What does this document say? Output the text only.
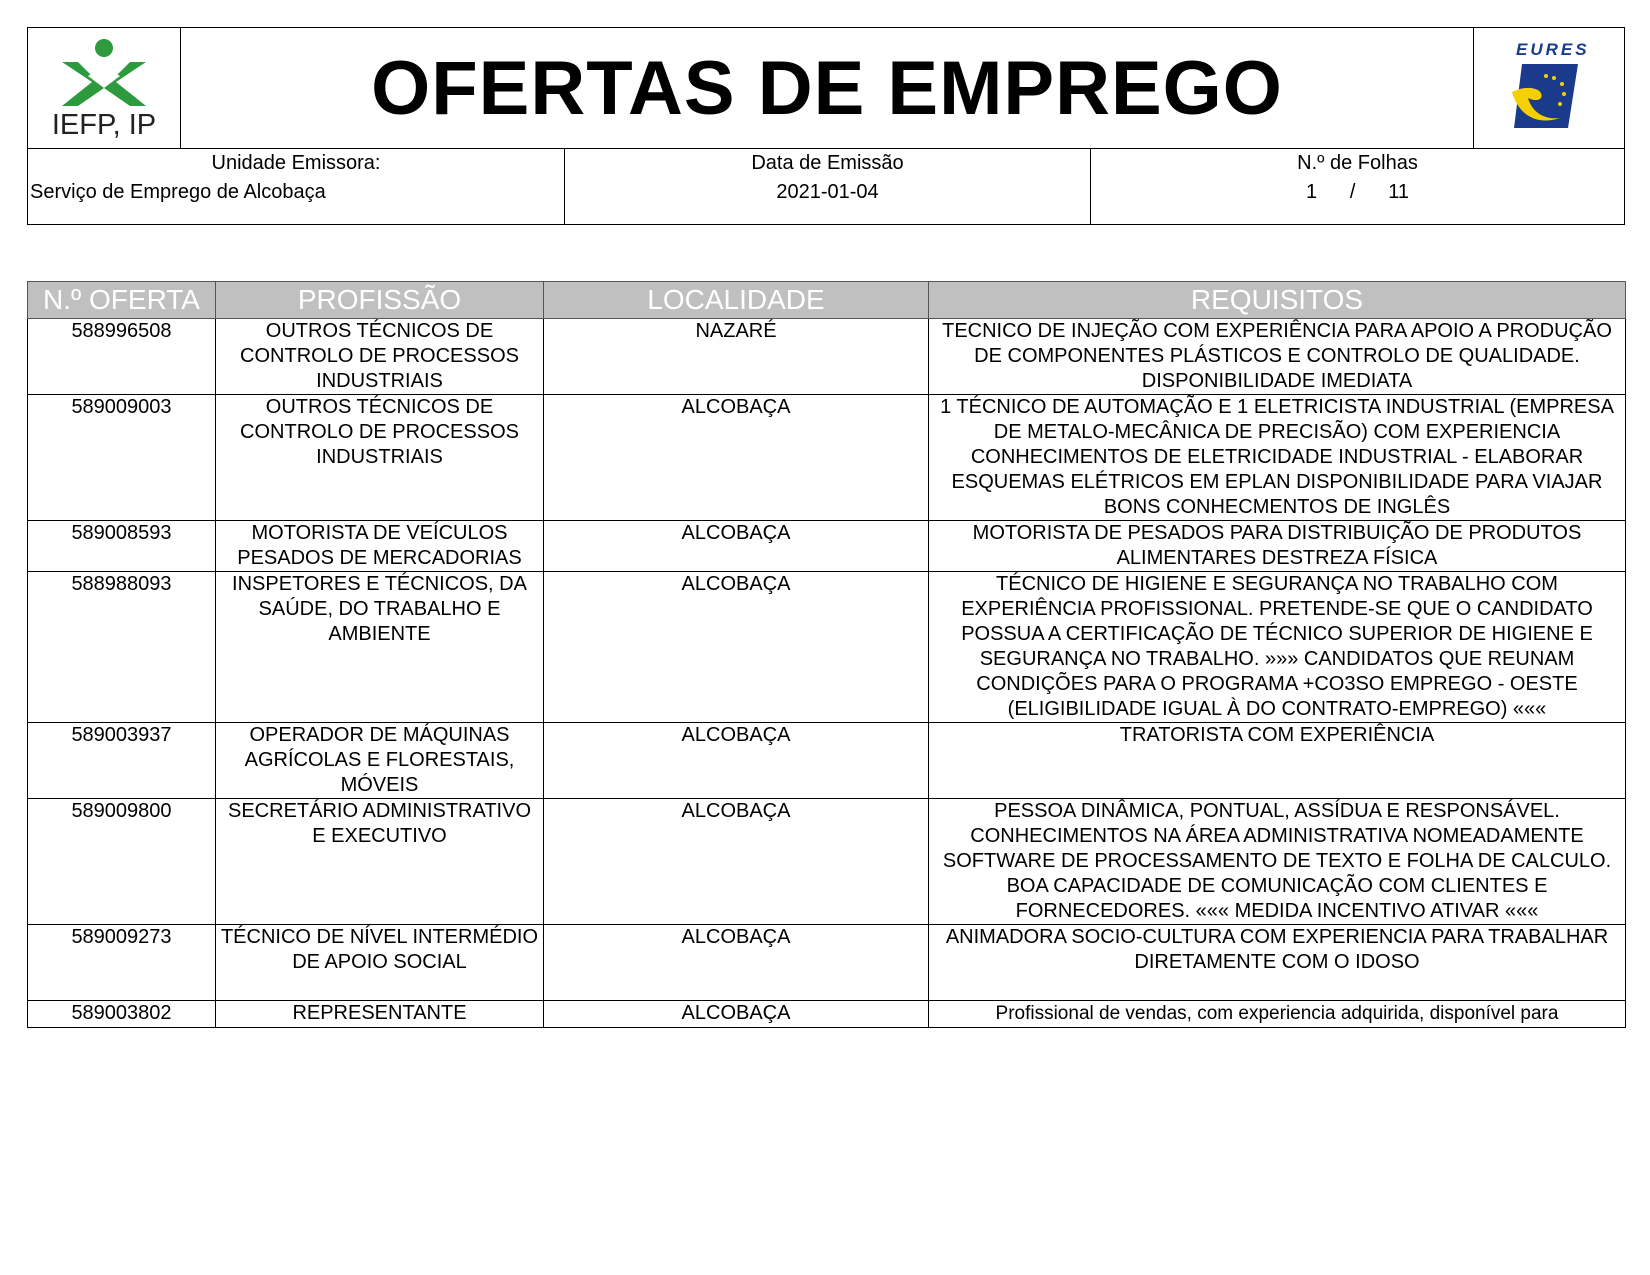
IEFP, IP	OFERTAS DE EMPREGO	EURES
Unidade Emissora:
Serviço de Emprego de Alcobaça
Data de Emissão
2021-01-04
N.º de Folhas
1 / 11
N.º OFERTA	PROFISSÃO	LOCALIDADE	REQUISITOS
588996508	OUTROS TÉCNICOS DE CONTROLO DE PROCESSOS INDUSTRIAIS	NAZARÉ	TECNICO DE INJEÇÃO COM EXPERIÊNCIA PARA APOIO A PRODUÇÃO DE COMPONENTES PLÁSTICOS E CONTROLO DE QUALIDADE. DISPONIBILIDADE IMEDIATA
589009003	OUTROS TÉCNICOS DE CONTROLO DE PROCESSOS INDUSTRIAIS	ALCOBAÇA	1 TÉCNICO DE AUTOMAÇÃO E 1 ELETRICISTA INDUSTRIAL (EMPRESA DE METALO-MECÂNICA DE PRECISÃO) COM EXPERIENCIA CONHECIMENTOS DE ELETRICIDADE INDUSTRIAL - ELABORAR ESQUEMAS ELÉTRICOS EM EPLAN DISPONIBILIDADE PARA VIAJAR BONS CONHECMENTOS DE INGLÊS
589008593	MOTORISTA DE VEÍCULOS PESADOS DE MERCADORIAS	ALCOBAÇA	MOTORISTA DE PESADOS PARA DISTRIBUIÇÃO DE PRODUTOS ALIMENTARES DESTREZA FÍSICA
588988093	INSPETORES E TÉCNICOS, DA SAÚDE, DO TRABALHO E AMBIENTE	ALCOBAÇA	TÉCNICO DE HIGIENE E SEGURANÇA NO TRABALHO COM EXPERIÊNCIA PROFISSIONAL. PRETENDE-SE QUE O CANDIDATO POSSUA A CERTIFICAÇÃO DE TÉCNICO SUPERIOR DE HIGIENE E SEGURANÇA NO TRABALHO. »»» CANDIDATOS QUE REUNAM CONDIÇÕES PARA O PROGRAMA +CO3SO EMPREGO - OESTE (ELIGIBILIDADE IGUAL À DO CONTRATO-EMPREGO) «««
589003937	OPERADOR DE MÁQUINAS AGRÍCOLAS E FLORESTAIS, MÓVEIS	ALCOBAÇA	TRATORISTA COM EXPERIÊNCIA
589009800	SECRETÁRIO ADMINISTRATIVO E EXECUTIVO	ALCOBAÇA	PESSOA DINÂMICA, PONTUAL, ASSÍDUA E RESPONSÁVEL. CONHECIMENTOS NA ÁREA ADMINISTRATIVA NOMEADAMENTE SOFTWARE DE PROCESSAMENTO DE TEXTO E FOLHA DE CALCULO. BOA CAPACIDADE DE COMUNICAÇÃO COM CLIENTES E FORNECEDORES. ««« MEDIDA INCENTIVO ATIVAR «««
589009273	TÉCNICO DE NÍVEL INTERMÉDIO DE APOIO SOCIAL	ALCOBAÇA	ANIMADORA SOCIO-CULTURA COM EXPERIENCIA PARA TRABALHAR DIRETAMENTE COM O IDOSO
589003802	REPRESENTANTE	ALCOBAÇA	Profissional de vendas, com experiencia adquirida, disponível para
